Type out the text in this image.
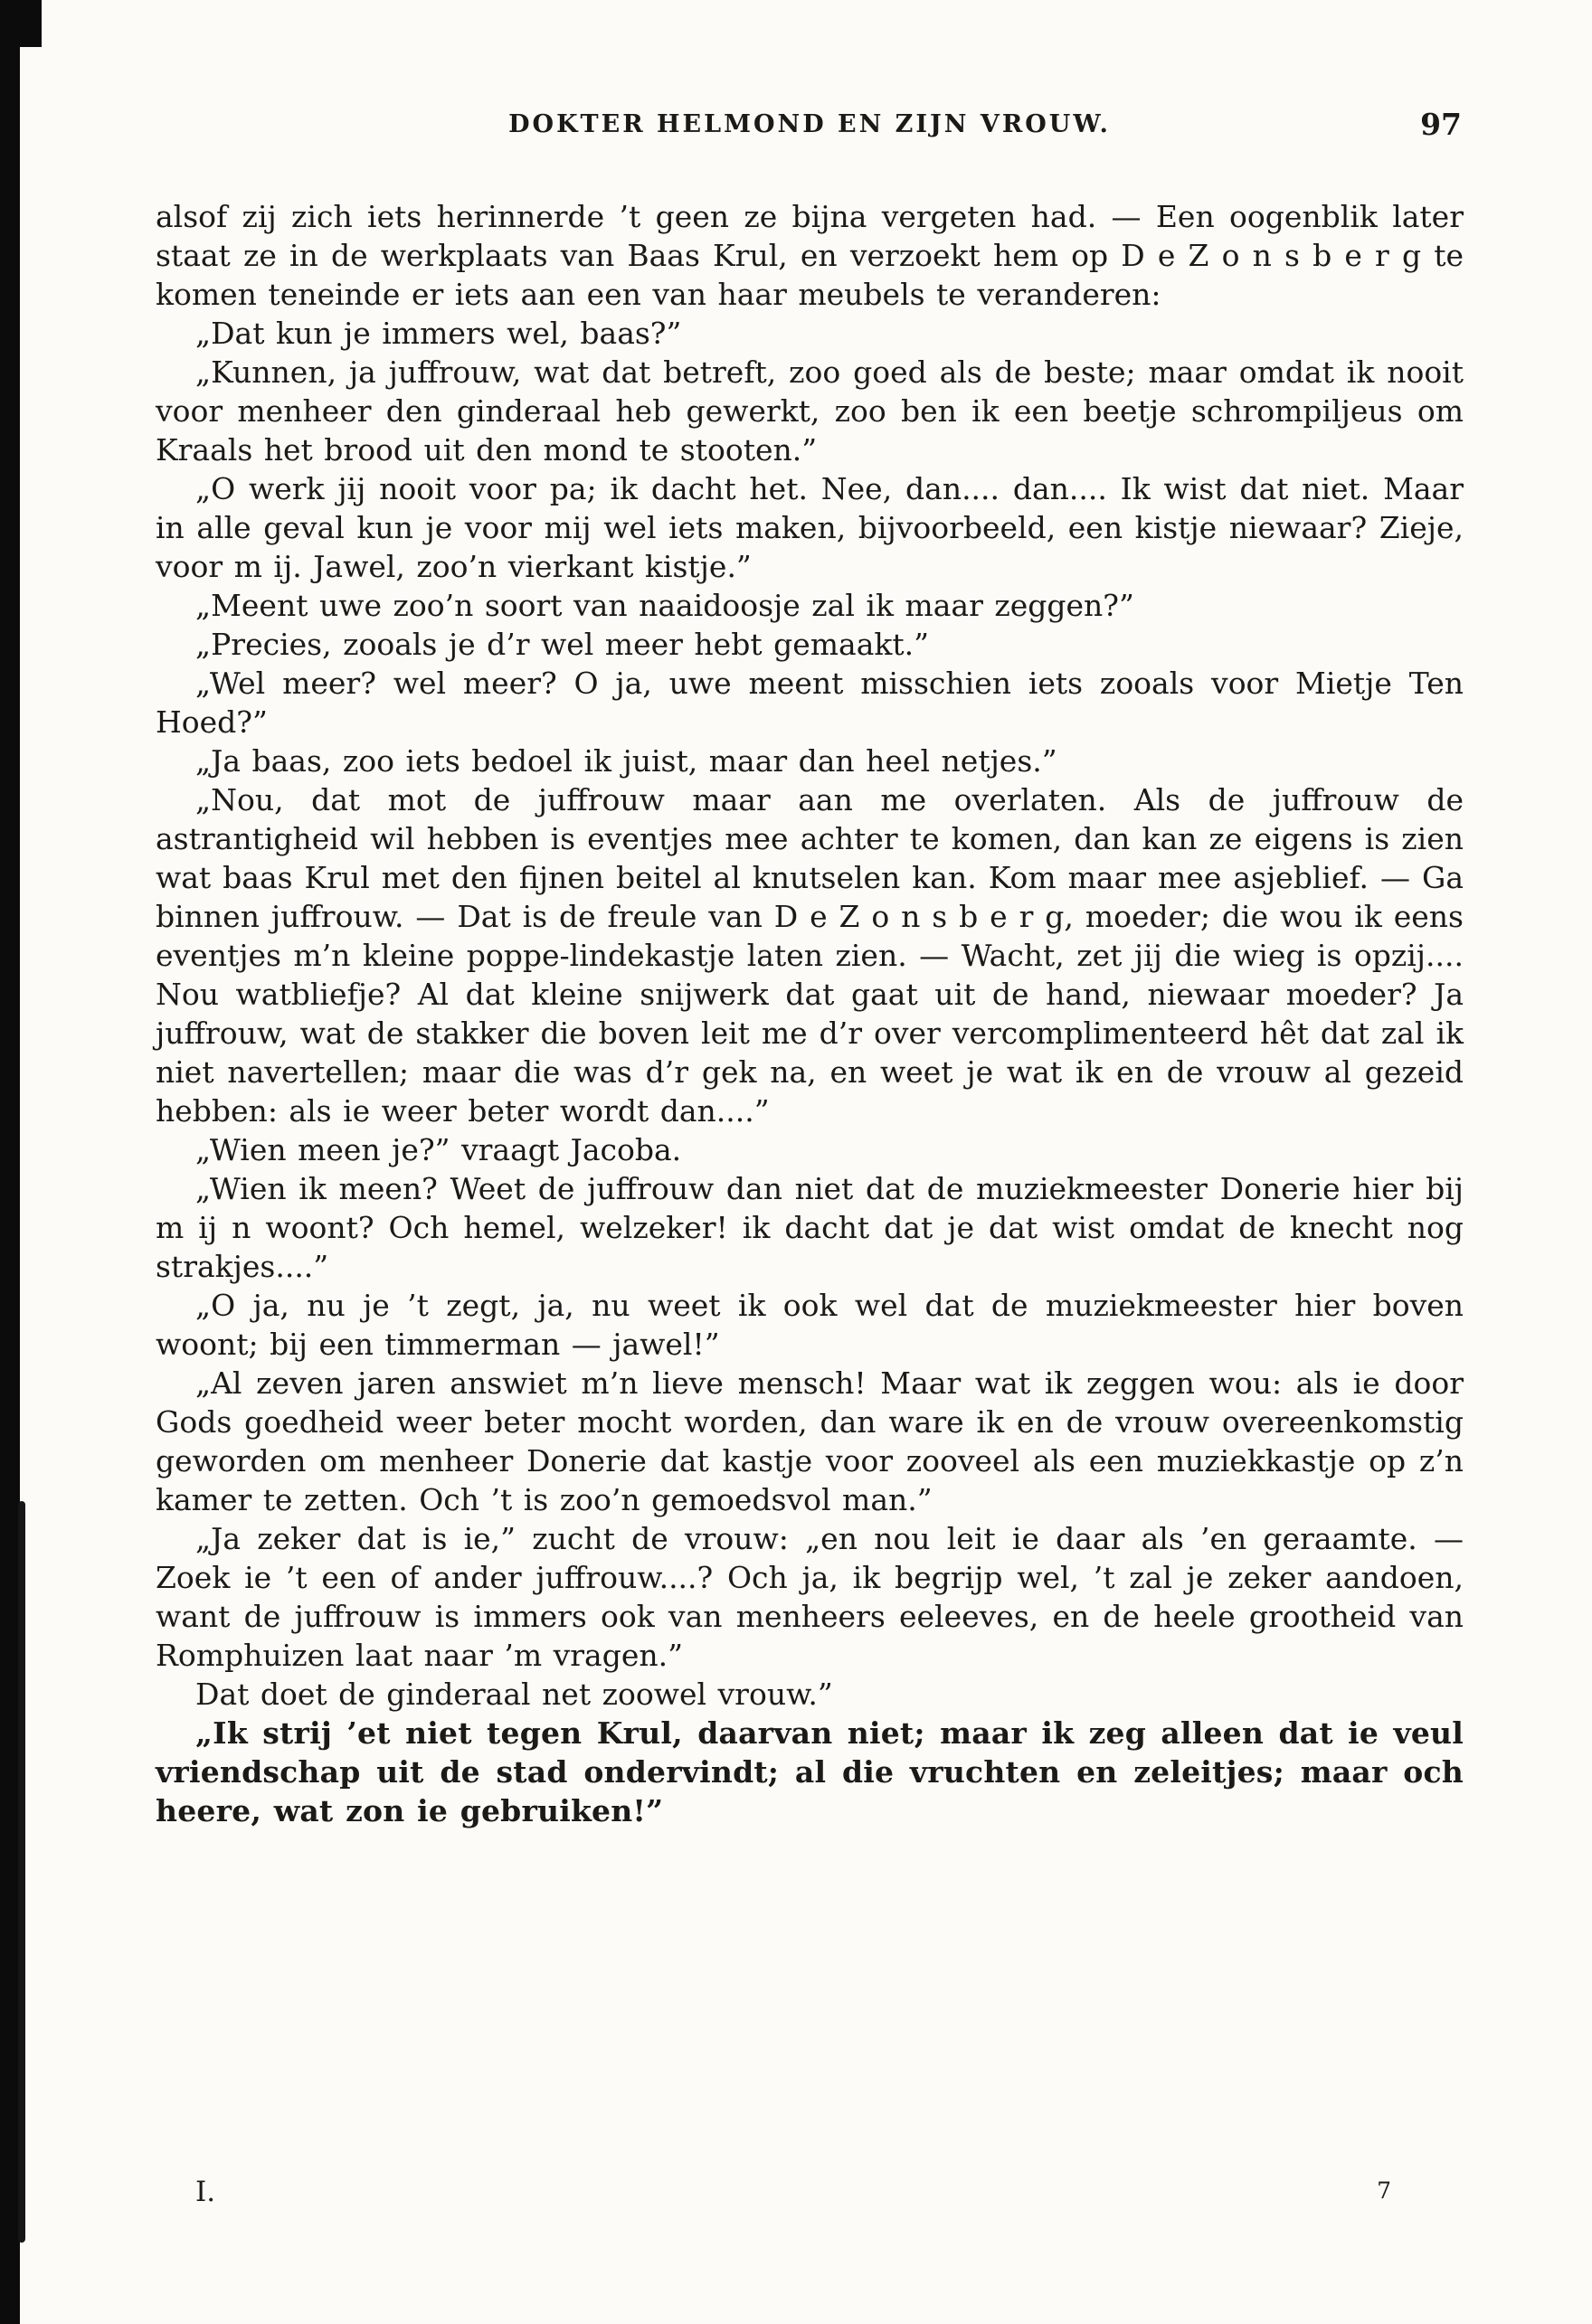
DOKTER HELMOND EN ZIJN VROUW.	97

alsof zij zich iets herinnerde ’t geen ze bijna vergeten had. — Een oogenblik later staat ze in de werkplaats van Baas Krul, en verzoekt hem op D e Z o n s b e r g te komen teneinde er iets aan een van haar meubels te veranderen:

„Dat kun je immers wel, baas?”

„Kunnen, ja juffrouw, wat dat betreft, zoo goed als de beste; maar omdat ik nooit voor menheer den ginderaal heb gewerkt, zoo ben ik een beetje schrompiljeus om Kraals het brood uit den mond te stooten.”

„O werk jij nooit voor pa; ik dacht het. Nee, dan.... dan.... Ik wist dat niet. Maar in alle geval kun je voor mij wel iets maken, bijvoorbeeld, een kistje niewaar? Zieje, voor m ij. Jawel, zoo’n vierkant kistje.”

„Meent uwe zoo’n soort van naaidoosje zal ik maar zeggen?”

„Precies, zooals je d’r wel meer hebt gemaakt.”

„Wel meer? wel meer? O ja, uwe meent misschien iets zooals voor Mietje Ten Hoed?”

„Ja baas, zoo iets bedoel ik juist, maar dan heel netjes.”

„Nou, dat mot de juffrouw maar aan me overlaten. Als de juffrouw de astrantigheid wil hebben is eventjes mee achter te komen, dan kan ze eigens is zien wat baas Krul met den fijnen beitel al knutselen kan. Kom maar mee asjeblief. — Ga binnen juffrouw. — Dat is de freule van D e Z o n s b e r g, moeder; die wou ik eens eventjes m’n kleine poppe-lindekastje laten zien. — Wacht, zet jij die wieg is opzij.... Nou watbliefje? Al dat kleine snijwerk dat gaat uit de hand, niewaar moeder? Ja juffrouw, wat de stakker die boven leit me d’r over vercomplimenteerd hêt dat zal ik niet navertellen; maar die was d’r gek na, en weet je wat ik en de vrouw al gezeid hebben: als ie weer beter wordt dan....”

„Wien meen je?” vraagt Jacoba.

„Wien ik meen? Weet de juffrouw dan niet dat de muziekmeester Donerie hier bij m ij n woont? Och hemel, welzeker! ik dacht dat je dat wist omdat de knecht nog strakjes....”

„O ja, nu je ’t zegt, ja, nu weet ik ook wel dat de muziekmeester hier boven woont; bij een timmerman — jawel!”

„Al zeven jaren answiet m’n lieve mensch! Maar wat ik zeggen wou: als ie door Gods goedheid weer beter mocht worden, dan ware ik en de vrouw overeenkomstig geworden om menheer Donerie dat kastje voor zooveel als een muziekkastje op z’n kamer te zetten. Och ’t is zoo’n gemoedsvol man.”

„Ja zeker dat is ie,” zucht de vrouw: „en nou leit ie daar als ’en geraamte. — Zoek ie ’t een of ander juffrouw....? Och ja, ik begrijp wel, ’t zal je zeker aandoen, want de juffrouw is immers ook van menheers eeleeves, en de heele grootheid van Romphuizen laat naar ’m vragen.”

Dat doet de ginderaal net zoowel vrouw.”

„Ik strij ’et niet tegen Krul, daarvan niet; maar ik zeg alleen dat ie veul vriendschap uit de stad ondervindt; al die vruchten en zeleitjes; maar och heere, wat zon ie gebruiken!”

I.	7
